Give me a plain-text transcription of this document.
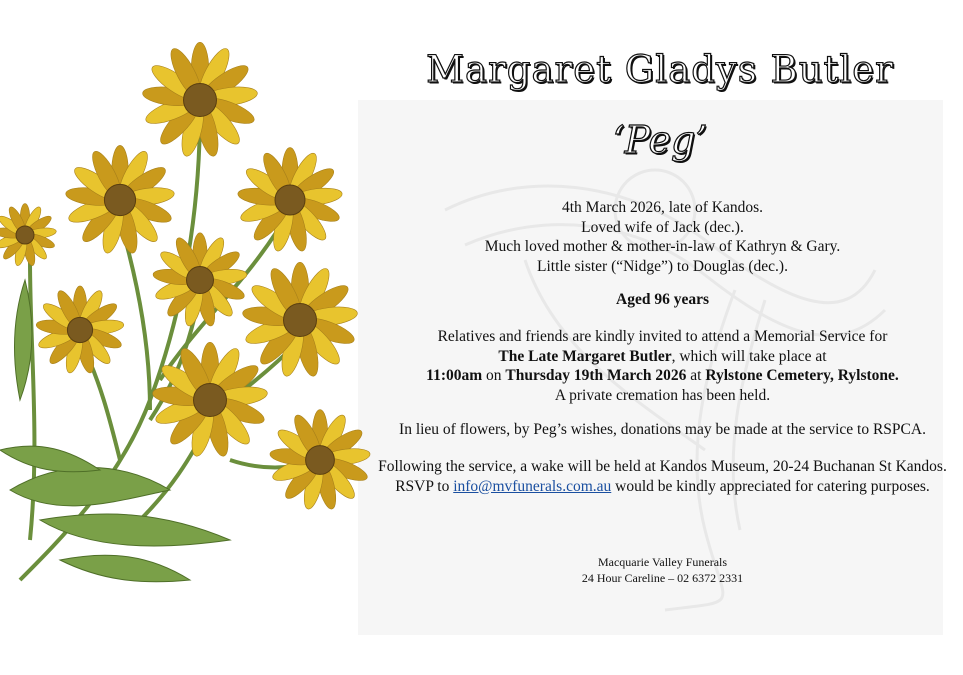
Margaret Gladys Butler
‘Peg’

4th March 2026, late of Kandos.

Loved wife of Jack (dec.).

Much loved mother & mother-in-law of Kathryn & Gary.

Little sister (“Nidge”) to Douglas (dec.).

Aged 96 years

Relatives and friends are kindly invited to attend a Memorial Service for

The Late Margaret Butler, which will take place at

11:00am on Thursday 19th March 2026 at Rylstone Cemetery, Rylstone.

A private cremation has been held.

In lieu of flowers, by Peg’s wishes, donations may be made at the service to RSPCA.

Following the service, a wake will be held at Kandos Museum, 20-24 Buchanan St Kandos.

RSVP to info@mvfunerals.com.au would be kindly appreciated for catering purposes.

Macquarie Valley Funerals
24 Hour Careline – 02 6372 2331
